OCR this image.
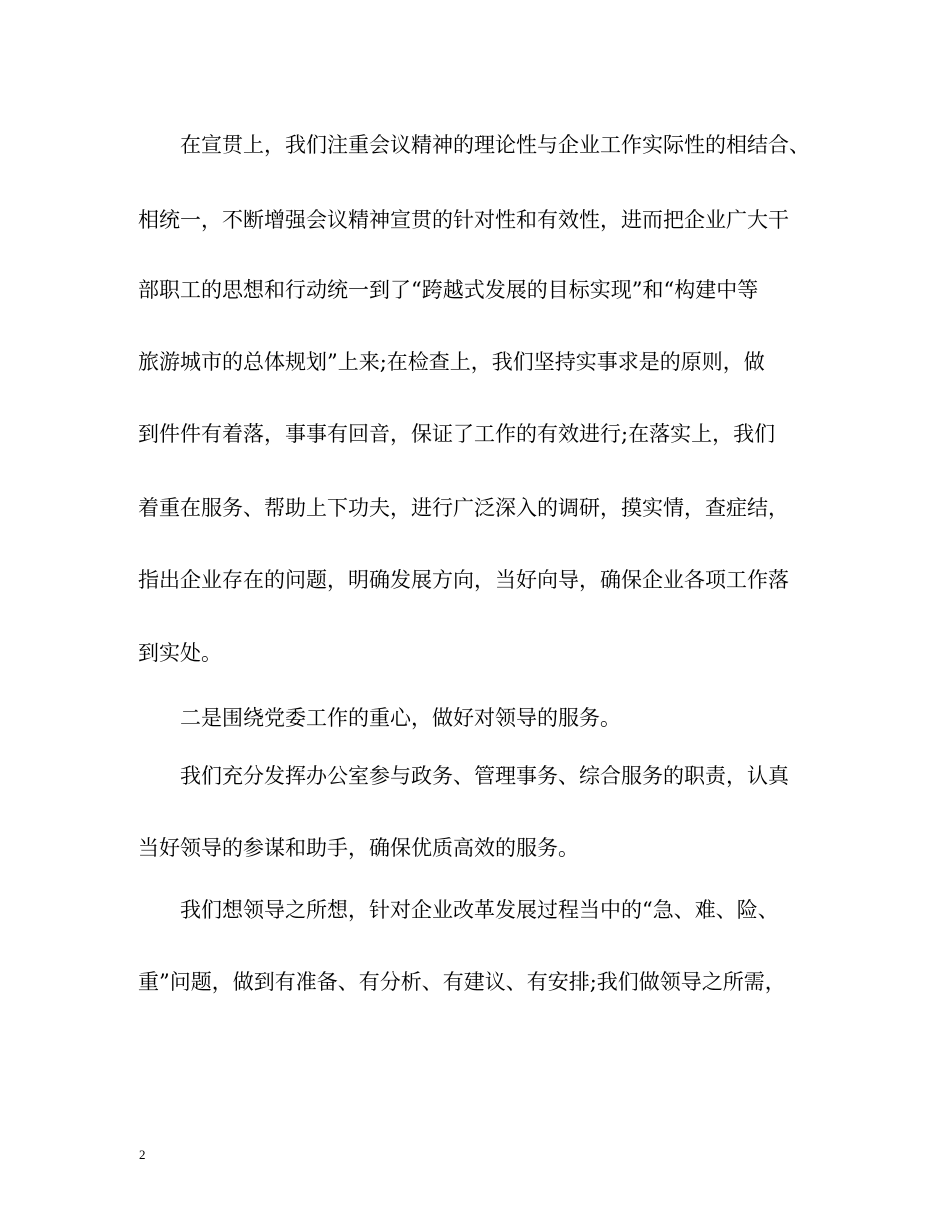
在宣贯上，我们注重会议精神的理论性与企业工作实际性的相结合、
相统一，不断增强会议精神宣贯的针对性和有效性，进而把企业广大干
部职工的思想和行动统一到了“跨越式发展的目标实现”和“构建中等
旅游城市的总体规划”上来;在检查上，我们坚持实事求是的原则，做
到件件有着落，事事有回音，保证了工作的有效进行;在落实上，我们
着重在服务、帮助上下功夫，进行广泛深入的调研，摸实情，查症结，
指出企业存在的问题，明确发展方向，当好向导，确保企业各项工作落
到实处。
二是围绕党委工作的重心，做好对领导的服务。
我们充分发挥办公室参与政务、管理事务、综合服务的职责，认真
当好领导的参谋和助手，确保优质高效的服务。
我们想领导之所想，针对企业改革发展过程当中的“急、难、险、
重”问题，做到有准备、有分析、有建议、有安排;我们做领导之所需，
2
